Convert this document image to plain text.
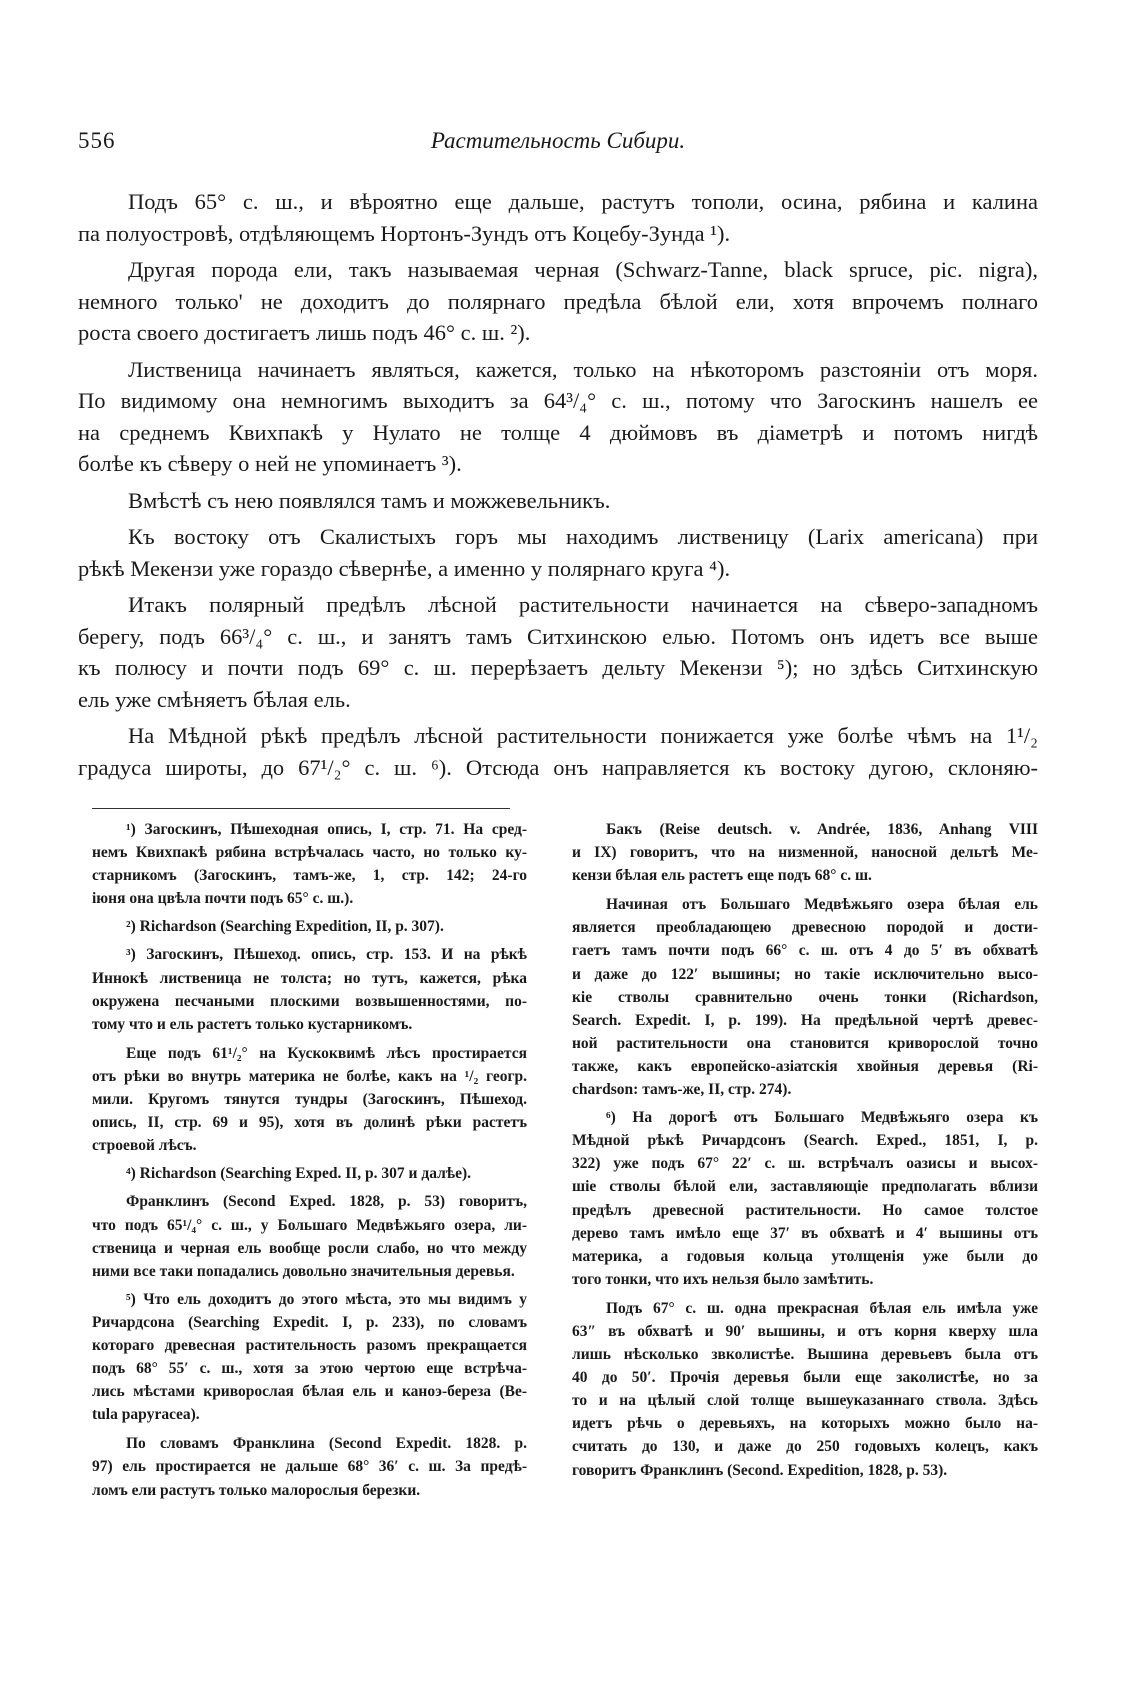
556	Растительность Сибири.
Подъ 65° с. ш., и вѣроятно еще дальше, растутъ тополи, осина, рябина и калина
па полуостровѣ, отдѣляющемъ Нортонъ-Зундъ отъ Коцебу-Зунда ¹).
Другая порода ели, такъ называемая черная (Schwarz-Tanne, black spruce, pic. nigra),
немного только' не доходитъ до полярнаго предѣла бѣлой ели, хотя впрочемъ полнаго
роста своего достигаетъ лишь подъ 46° с. ш. ²).
Лиственица начинаетъ являться, кажется, только на нѣкоторомъ разстояніи отъ моря.
По видимому она немногимъ выходитъ за 64³/₄° с. ш., потому что Загоскинъ нашелъ ее
на среднемъ Квихпакѣ у Нулато не толще 4 дюймовъ въ діаметрѣ и потомъ нигдѣ
болѣе къ сѣверу о ней не упоминаетъ ³).
Вмѣстѣ съ нею появлялся тамъ и можжевельникъ.
Къ востоку отъ Скалистыхъ горъ мы находимъ лиственицу (Larix americana) при
рѣкѣ Мекензи уже гораздо сѣвернѣе, а именно у полярнаго круга ⁴).
Итакъ полярный предѣлъ лѣсной растительности начинается на сѣверо-западномъ
берегу, подъ 66³/₄° с. ш., и занятъ тамъ Ситхинскою елью. Потомъ онъ идетъ все выше
къ полюсу и почти подъ 69° с. ш. перерѣзаетъ дельту Мекензи ⁵); но здѣсь Ситхинскую
ель уже смѣняетъ бѣлая ель.
На Мѣдной рѣкѣ предѣлъ лѣсной растительности понижается уже болѣе чѣмъ на 1¹/₂
градуса широты, до 67¹/₂° с. ш. ⁶). Отсюда онъ направляется къ востоку дугою, склоняю-
¹) Загоскинъ, Пѣшеходная опись, I, стр. 71. На сред-
немъ Квихпакѣ рябина встрѣчалась часто, но только ку-
старникомъ (Загоскинъ, тамъ-же, 1, стр. 142; 24-го
іюня она цвѣла почти подъ 65° с. ш.).
²) Richardson (Searching Expedition, II, p. 307).
³) Загоскинъ, Пѣшеход. опись, стр. 153. И на рѣкѣ
Иннокѣ лиственица не толста; но тутъ, кажется, рѣка
окружена песчаными плоскими возвышенностями, по-
тому что и ель растетъ только кустарникомъ.
Еще подъ 61¹/₂° на Кускоквимѣ лѣсъ простирается
отъ рѣки во внутрь материка не болѣе, какъ на ¹/₂ геогр.
мили. Кругомъ тянутся тундры (Загоскинъ, Пѣшеход.
опись, II, стр. 69 и 95), хотя въ долинѣ рѣки растетъ
строевой лѣсъ.
⁴) Richardson (Searching Exped. II, p. 307 и далѣе).
Франклинъ (Second Exped. 1828, p. 53) говоритъ,
что подъ 65¹/₄° с. ш., у Большаго Медвѣжьяго озера, ли-
ственица и черная ель вообще росли слабо, но что между
ними все таки попадались довольно значительныя деревья.
⁵) Что ель доходитъ до этого мѣста, это мы видимъ у
Ричардсона (Searching Expedit. I, p. 233), по словамъ
котораго древесная растительность разомъ прекращается
подъ 68° 55′ с. ш., хотя за этою чертою еще встрѣча-
лись мѣстами криворослая бѣлая ель и каноэ-береза (Be-
tula papyracea).
По словамъ Франклина (Second Expedit. 1828. p.
97) ель простирается не дальше 68° 36′ с. ш. За предѣ-
ломъ ели растутъ только малорослыя березки.
Бакъ (Reise deutsch. v. Andrée, 1836, Anhang VIII
и IX) говоритъ, что на низменной, наносной дельтѣ Ме-
кензи бѣлая ель растетъ еще подъ 68° с. ш.
Начиная отъ Большаго Медвѣжьяго озера бѣлая ель
является преобладающею древесною породой и дости-
гаетъ тамъ почти подъ 66° с. ш. отъ 4 до 5′ въ обхватѣ
и даже до 122′ вышины; но такіе исключительно высо-
кіе стволы сравнительно очень тонки (Richardson,
Search. Expedit. I, p. 199). На предѣльной чертѣ древес-
ной растительности она становится криворослой точно
также, какъ европейско-азіатскія хвойныя деревья (Ri-
chardson: тамъ-же, II, стр. 274).
⁶) На дорогѣ отъ Большаго Медвѣжьяго озера къ
Мѣдной рѣкѣ Ричардсонъ (Search. Exped., 1851, I, p.
322) уже подъ 67° 22′ с. ш. встрѣчалъ оазисы и высох-
шіе стволы бѣлой ели, заставляющіе предполагать вблизи
предѣлъ древесной растительности. Но самое толстое
дерево тамъ имѣло еще 37′ въ обхватѣ и 4′ вышины отъ
материка, а годовыя кольца утолщенія уже были до
того тонки, что ихъ нельзя было замѣтить.
Подъ 67° с. ш. одна прекрасная бѣлая ель имѣла уже
63″ въ обхватѣ и 90′ вышины, и отъ корня кверху шла
лишь нѣсколько звколистѣе. Вышина деревьевъ была отъ
40 до 50′. Прочія деревья были еще заколистѣе, но за
то и на цѣлый слой толще вышеуказаннаго ствола. Здѣсь
идетъ рѣчь о деревьяхъ, на которыхъ можно было на-
считать до 130, и даже до 250 годовыхъ колецъ, какъ
говоритъ Франклинъ (Second. Expedition, 1828, p. 53).
